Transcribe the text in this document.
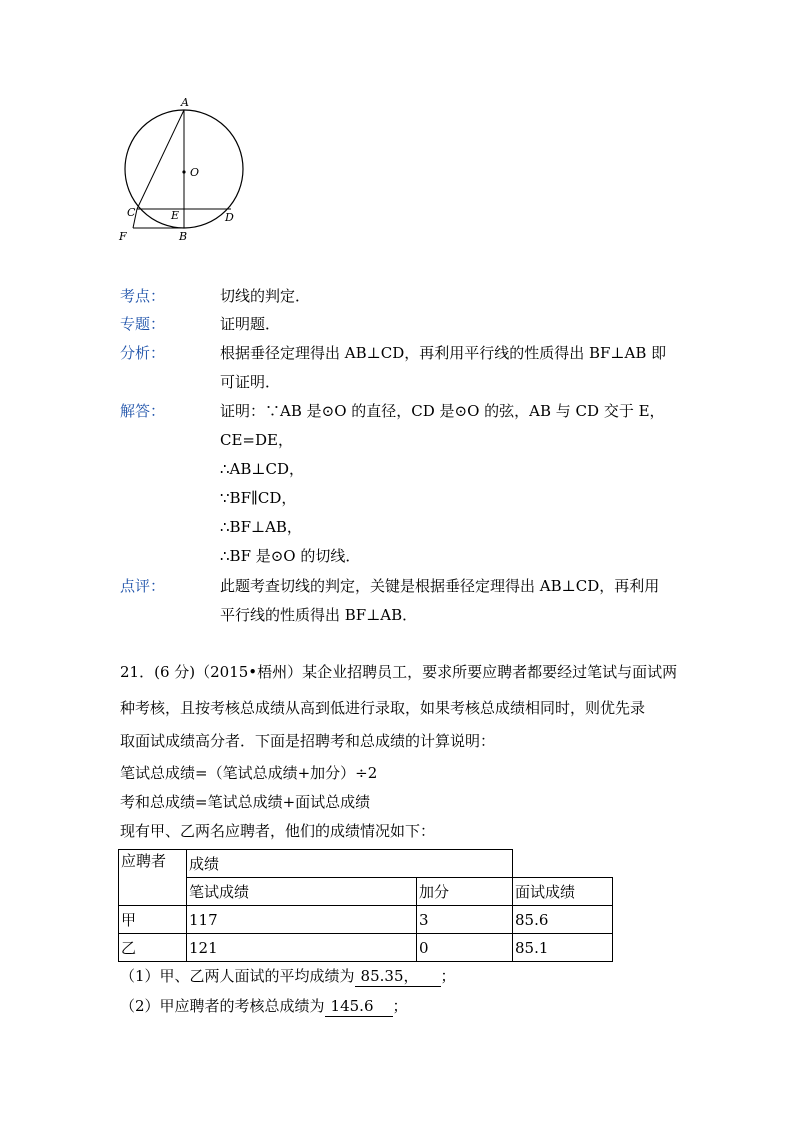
A
O
C	E	D
F	B
考点：	切线的判定．
专题：	证明题．
分析：	根据垂径定理得出 AB⊥CD，再利用平行线的性质得出 BF⊥AB 即
可证明．
解答：	证明：∵AB 是⊙O 的直径，CD 是⊙O 的弦，AB 与 CD 交于 E，
CE=DE，
∴AB⊥CD，
∵BF∥CD，
∴BF⊥AB，
∴BF 是⊙O 的切线．
点评：	此题考查切线的判定，关键是根据垂径定理得出 AB⊥CD，再利用
平行线的性质得出 BF⊥AB．
21．(6 分)（2015•梧州）某企业招聘员工，要求所要应聘者都要经过笔试与面试两
种考核，且按考核总成绩从高到低进行录取，如果考核总成绩相同时，则优先录
取面试成绩高分者．下面是招聘考和总成绩的计算说明：
笔试总成绩=（笔试总成绩+加分）÷2
考和总成绩=笔试总成绩+面试总成绩
现有甲、乙两名应聘者，他们的成绩情况如下：
应聘者	成绩		
	笔试成绩	加分	面试成绩
甲	117	3	85.6
乙	121	0	85.1
（1）甲、乙两人面试的平均成绩为 85.35， ；
（2）甲应聘者的考核总成绩为 145.6 ；
